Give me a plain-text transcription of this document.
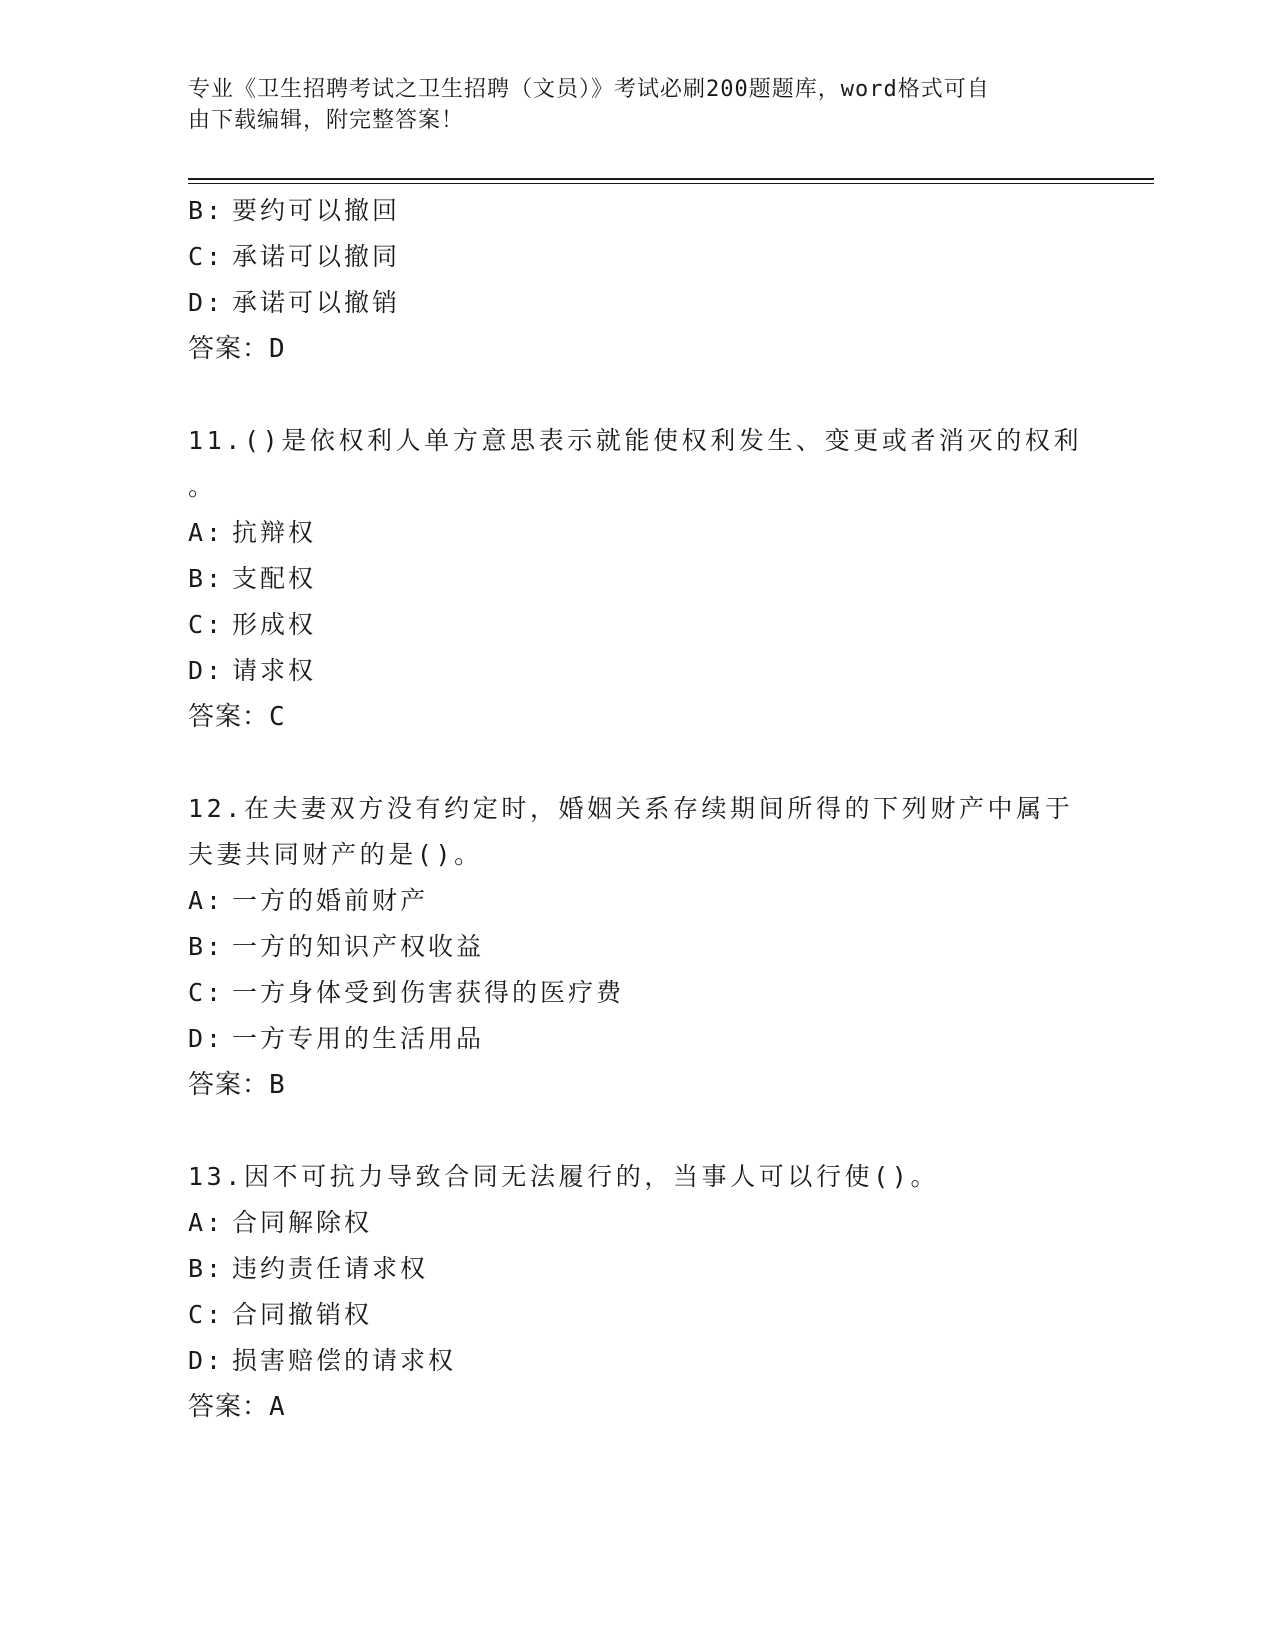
专业《卫生招聘考试之卫生招聘（文员）》考试必刷200题题库，word格式可自
由下载编辑，附完整答案！
B: 要约可以撤回
C: 承诺可以撤同
D: 承诺可以撤销
答案：D
11.()是依权利人单方意思表示就能使权利发生、变更或者消灭的权利
。
A: 抗辩权
B: 支配权
C: 形成权
D: 请求权
答案：C
12.在夫妻双方没有约定时，婚姻关系存续期间所得的下列财产中属于
夫妻共同财产的是()。
A: 一方的婚前财产
B: 一方的知识产权收益
C: 一方身体受到伤害获得的医疗费
D: 一方专用的生活用品
答案：B
13.因不可抗力导致合同无法履行的，当事人可以行使()。
A: 合同解除权
B: 违约责任请求权
C: 合同撤销权
D: 损害赔偿的请求权
答案：A
